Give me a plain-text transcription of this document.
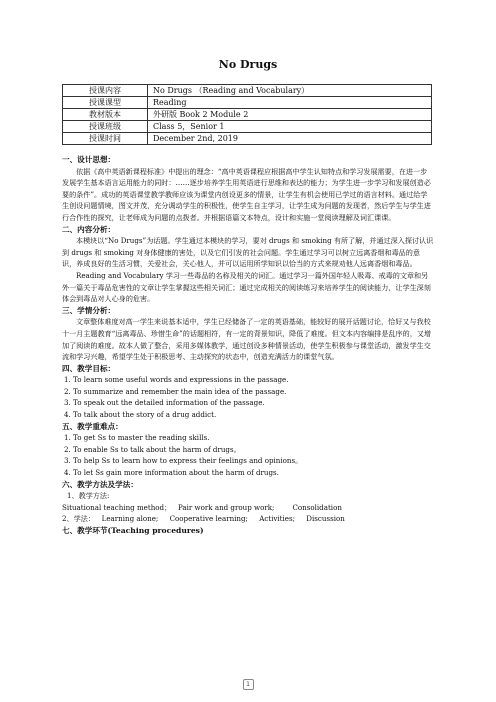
No Drugs
授课内容	No Drugs （Reading and Vocabulary）
授课课型	Reading
教材版本	外研版 Book 2 Module 2
授课班级	Class 5，Senior 1
授课时间	December 2nd, 2019
一、设计思想：
依据《高中英语新课程标准》中提出的理念：“高中英语课程应根据高中学生认知特点和学习发展需要，在进一步发展学生基本语言运用能力的同时：……逐步培养学生用英语进行思维和表达的能力；为学生进一步学习和发展创造必要的条件”。成功的英语课堂教学教师应该为课堂内创设更多的情景，让学生有机会使用已学过的语言材料。通过给学生创设问题情境，图文并茂，充分调动学生的积极性，使学生自主学习，让学生成为问题的发现者，然后学生与学生进行合作性的探究，让老师成为问题的点拨者。并根据语篇文本特点，设计和实施一堂阅读理解及词汇课课。
二、内容分析：
本模块以“No Drugs”为话题。学生通过本模块的学习，要对 drugs 和 smoking 有所了解，并通过深入探讨认识到 drugs 和 smoking 对身体健康的害处，以及它们引发的社会问题。学生通过学习可以树立远离香烟和毒品的意识，养成良好的生活习惯，关爱社会，关心他人，并可以运用所学知识以恰当的方式来规劝他人远离香烟和毒品。
Reading and Vocabulary 学习一些毒品的名称及相关的词汇。通过学习一篇外国年轻人吸毒、戒毒的文章和另外一篇关于毒品危害性的文章让学生掌握这些相关词汇；通过完成相关的阅读练习来培养学生的阅读能力，让学生深刻体会到毒品对人心身的危害。
三、学情分析：
文章整体难度对高一学生来说基本适中，学生已经储备了一定的英语基础，能较好的展开话题讨论，恰好又与我校十一月主题教育“远离毒品、珍惜生命”的话题相符，有一定的背景知识，降低了难度。但文本内容编排是乱序的，又增加了阅读的难度。故本人做了整合，采用多媒体教学，通过创设多种情景活动，使学生积极参与课堂活动，激发学生交流和学习兴趣，希望学生处于积极思考、主动探究的状态中，创造充满活力的课堂气氛。
四、教学目标：
1. To learn some useful words and expressions in the passage.
2. To summarize and remember the main idea of the passage.
3. To speak out the detailed information of the passage.
4. To talk about the story of a drug addict.
五、教学重难点：
1. To get Ss to master the reading skills.
2. To enable Ss to talk about the harm of drugs。
3. To help Ss to learn how to express their feelings and opinions。
4. To let Ss gain more information about the harm of drugs.
六、教学方法及学法：
1、教学方法:
Situational teaching method；   Pair work and group work;        Consolidation
2、学法：   Learning alone;     Cooperative learning;     Activities;     Discussion
七、教学环节(Teaching procedures)
1
